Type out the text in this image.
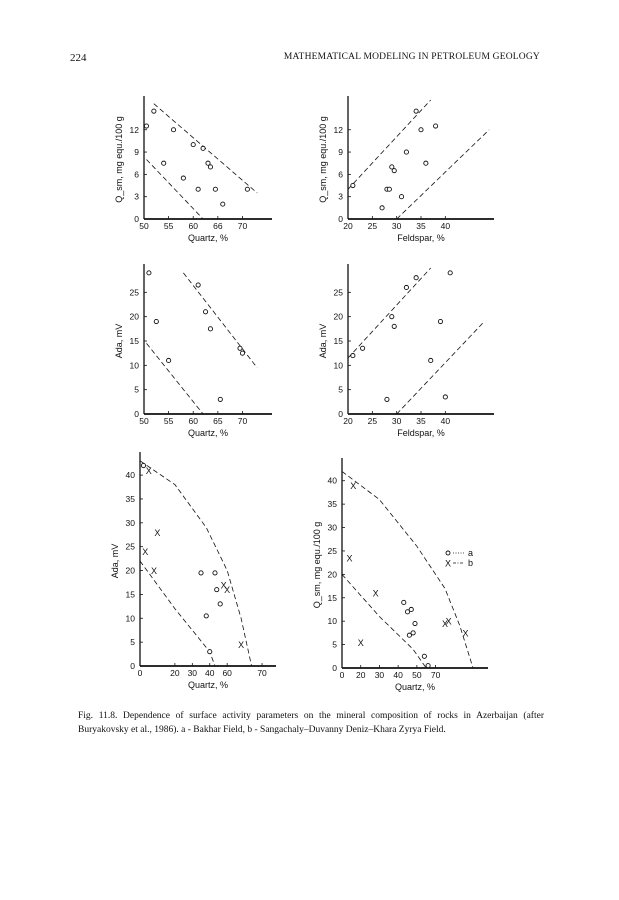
224	MATHEMATICAL MODELING IN PETROLEUM GEOLOGY
50 55 60 66 70
0
3
6
9
12
Quartz, %
Q_sm, mg equ./100 g
20 25 30 35 40
0
3
6
9
12
Feldspar, %
Q_sm, mg equ./100 g
50 55 60 65 70
0
5
10
15
20
25
Quartz, %
Ada, mV
20 25 30 35 40
0
5
10
15
20
25
Feldspar, %
Ada, mV
0	20 30 40 60	70
0
5
10
15
20
25
30
35
40
Quartz, %
Ada, mV
X
X
X
X
X
X
X
0 20 30 40 50 70
0
5
10
15
20
25
30
35
40
Quartz, %
Q_sm, mg equ./100 g
X
X
X
X
X
X
X
a
X b
Fig. 11.8. Dependence of surface activity parameters on the mineral composition of rocks in Azerbaijan (after Buryakovsky et al., 1986). a - Bakhar Field, b - Sangachaly–Duvanny Deniz–Khara Zyrya Field.
